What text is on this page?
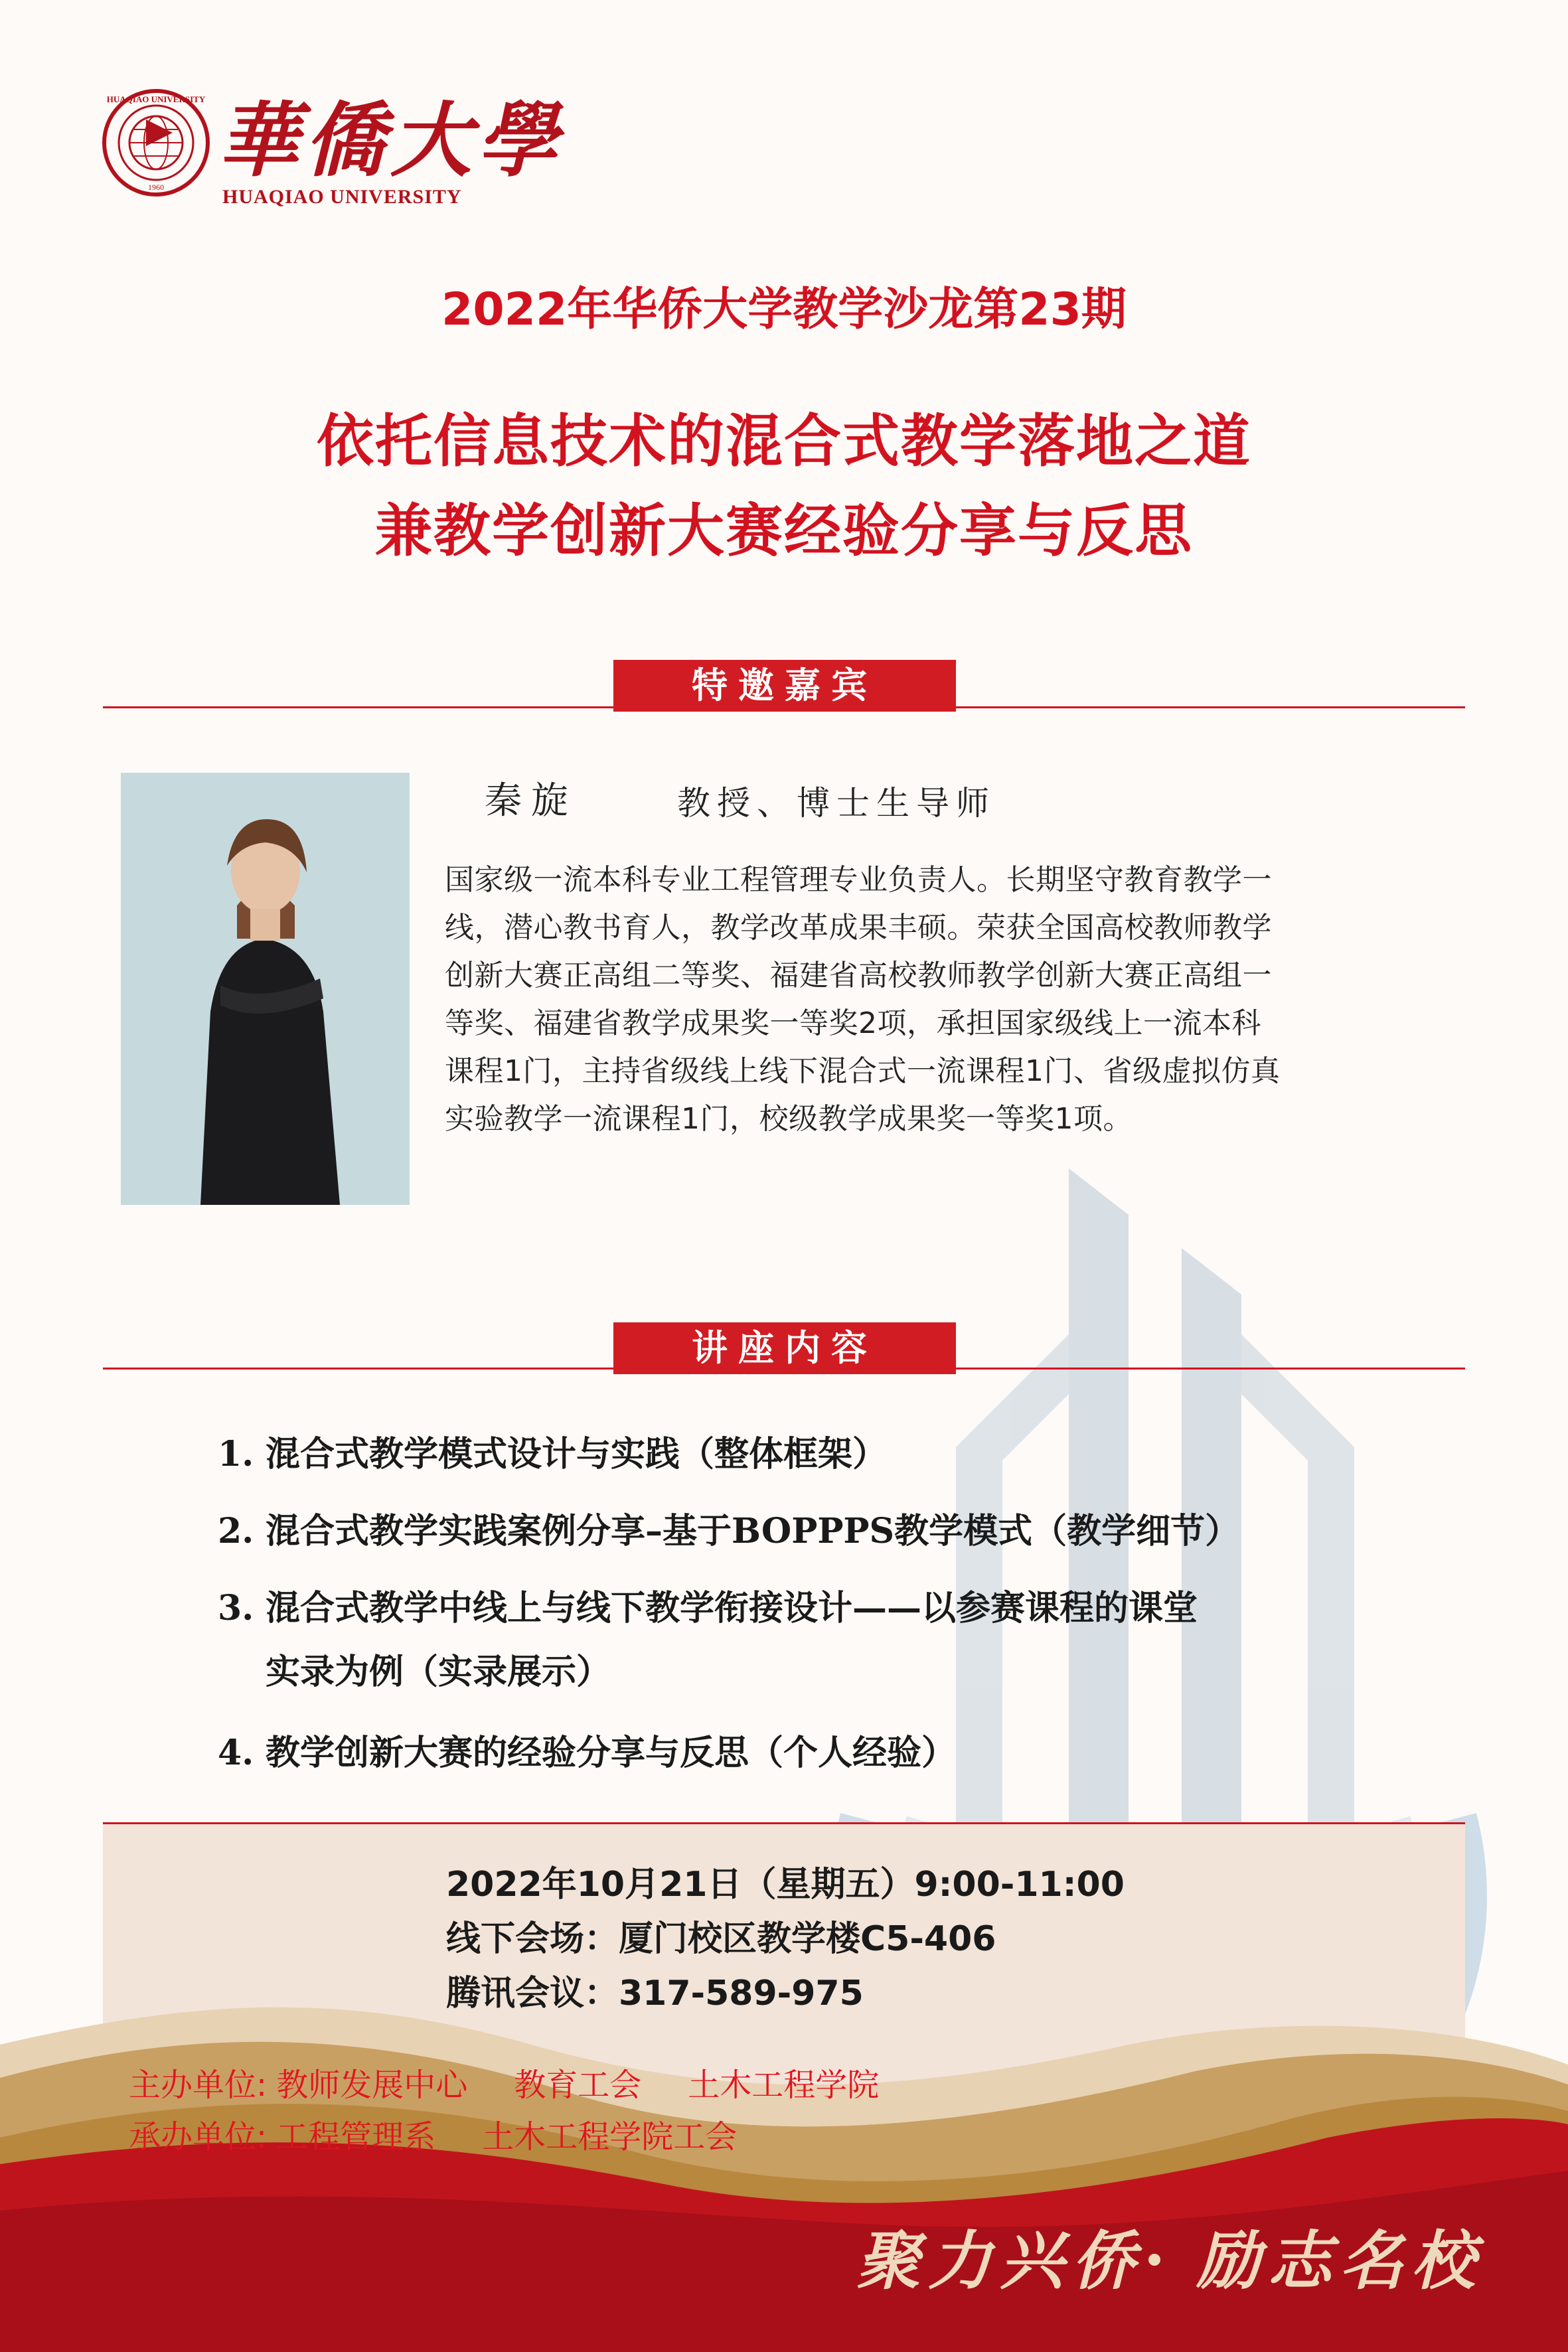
HUAQIAO UNIVERSITY
1960 華僑大學
HUAQIAO UNIVERSITY
2022年华侨大学教学沙龙第23期
依托信息技术的混合式教学落地之道
兼教学创新大赛经验分享与反思
特邀嘉宾
秦旋	教授、博士生导师

国家级一流本科专业工程管理专业负责人。长期坚守教育教学一

线，潜心教书育人，教学改革成果丰硕。荣获全国高校教师教学

创新大赛正高组二等奖、福建省高校教师教学创新大赛正高组一

等奖、福建省教学成果奖一等奖2项，承担国家级线上一流本科

课程1门，主持省级线上线下混合式一流课程1门、省级虚拟仿真

实验教学一流课程1门，校级教学成果奖一等奖1项。

讲座内容
1. 混合式教学模式设计与实践（整体框架）
2. 混合式教学实践案例分享–基于BOPPPS教学模式（教学细节）
3. 混合式教学中线上与线下教学衔接设计——以参赛课程的课堂
实录为例（实录展示）
4. 教学创新大赛的经验分享与反思（个人经验）
2022年10月21日（星期五）9:00-11:00
线下会场：厦门校区教学楼C5-406
腾讯会议：317-589-975
主办单位: 教师发展中心 教育工会 土木工程学院
承办单位: 工程管理系 土木工程学院工会
聚力兴侨 励志名校
